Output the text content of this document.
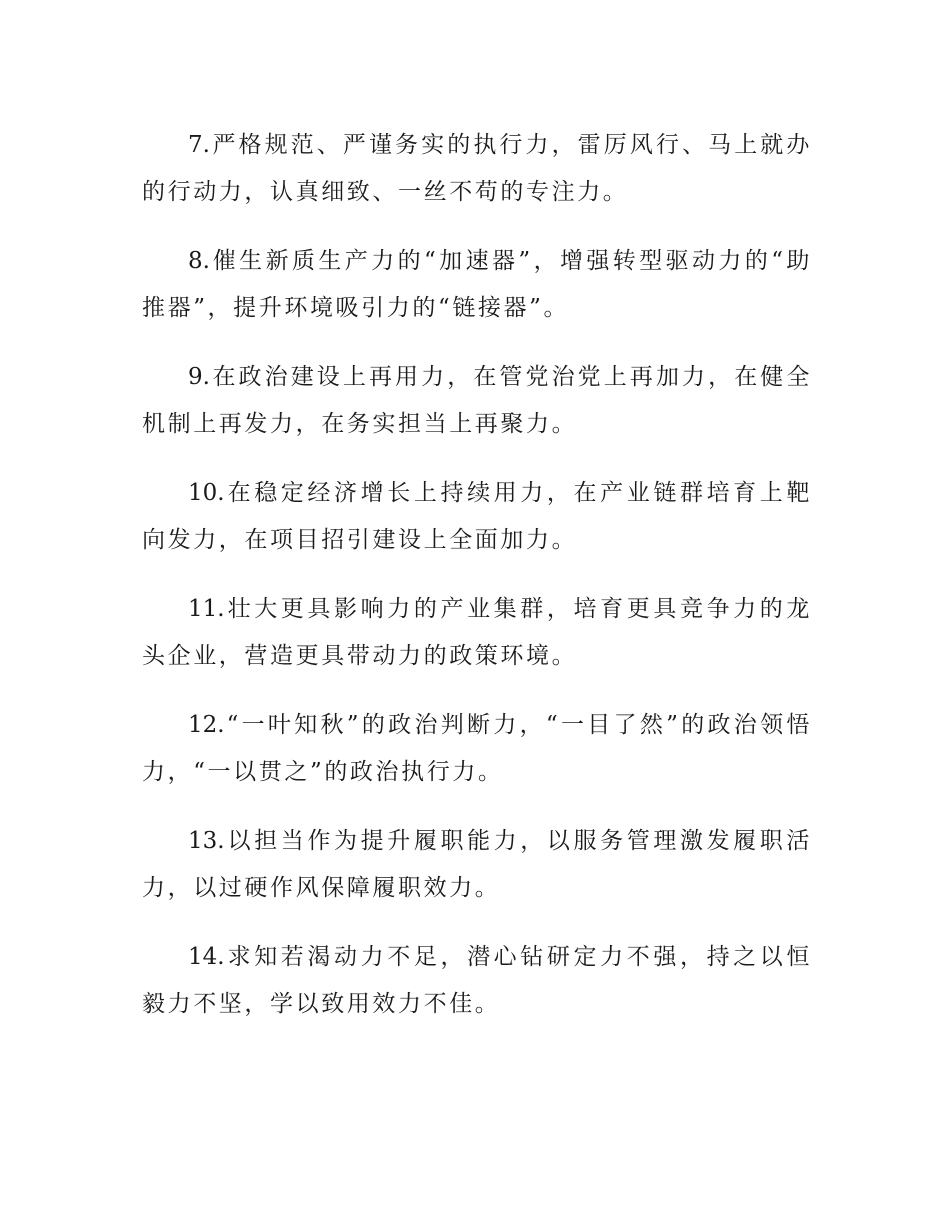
7.严格规范、严谨务实的执行力，雷厉风行、马上就办的行动力，认真细致、一丝不苟的专注力。

8.催生新质生产力的“加速器”，增强转型驱动力的“助推器”，提升环境吸引力的“链接器”。

9.在政治建设上再用力，在管党治党上再加力，在健全机制上再发力，在务实担当上再聚力。

10.在稳定经济增长上持续用力，在产业链群培育上靶向发力，在项目招引建设上全面加力。

11.壮大更具影响力的产业集群，培育更具竞争力的龙头企业，营造更具带动力的政策环境。

12.“一叶知秋”的政治判断力，“一目了然”的政治领悟力，“一以贯之”的政治执行力。

13.以担当作为提升履职能力，以服务管理激发履职活力，以过硬作风保障履职效力。

14.求知若渴动力不足，潜心钻研定力不强，持之以恒毅力不坚，学以致用效力不佳。
